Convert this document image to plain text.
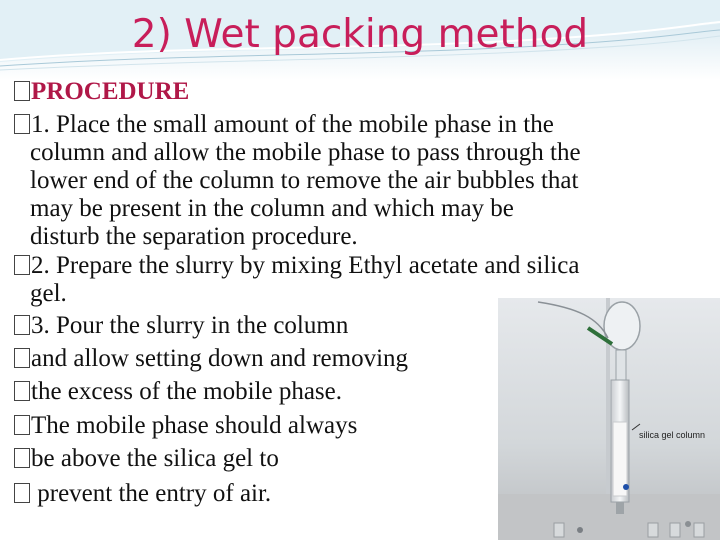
2) Wet packing method
PROCEDURE
1. Place the small amount of the mobile phase in the
column and allow the mobile phase to pass through the
lower end of the column to remove the air bubbles that
may be present in the column and which may be
disturb the separation procedure.
2. Prepare the slurry by mixing Ethyl acetate and silica
gel.
3. Pour the slurry in the column
and allow setting down and removing
the excess of the mobile phase.
The mobile phase should always
be above the silica gel to
prevent the entry of air.
silica gel column
